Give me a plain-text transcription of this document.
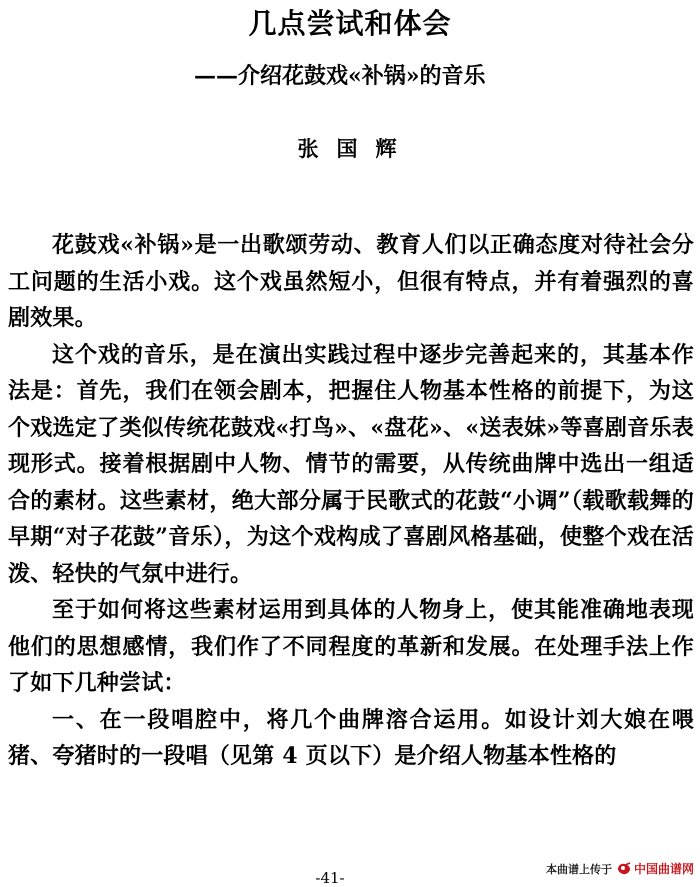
几点尝试和体会
——介绍花鼓戏«补锅»的音乐
张国辉

花鼓戏«补锅»是一出歌颂劳动、教育人们以正确态度对待社会分工问题的生活小戏。这个戏虽然短小，但很有特点，并有着强烈的喜剧效果。

这个戏的音乐，是在演出实践过程中逐步完善起来的，其基本作法是：首先，我们在领会剧本，把握住人物基本性格的前提下，为这个戏选定了类似传统花鼓戏«打鸟»、«盘花»、«送表妹»等喜剧音乐表现形式。接着根据剧中人物、情节的需要，从传统曲牌中选出一组适合的素材。这些素材，绝大部分属于民歌式的花鼓“小调”（载歌载舞的早期“对子花鼓”音乐），为这个戏构成了喜剧风格基础，使整个戏在活泼、轻快的气氛中进行。

至于如何将这些素材运用到具体的人物身上，使其能准确地表现他们的思想感情，我们作了不同程度的革新和发展。在处理手法上作了如下几种尝试：

一、在一段唱腔中，将几个曲牌溶合运用。如设计刘大娘在喂猪、夸猪时的一段唱（见第 4 页以下）是介绍人物基本性格的

-41-	本曲谱上传于 中国曲谱网
